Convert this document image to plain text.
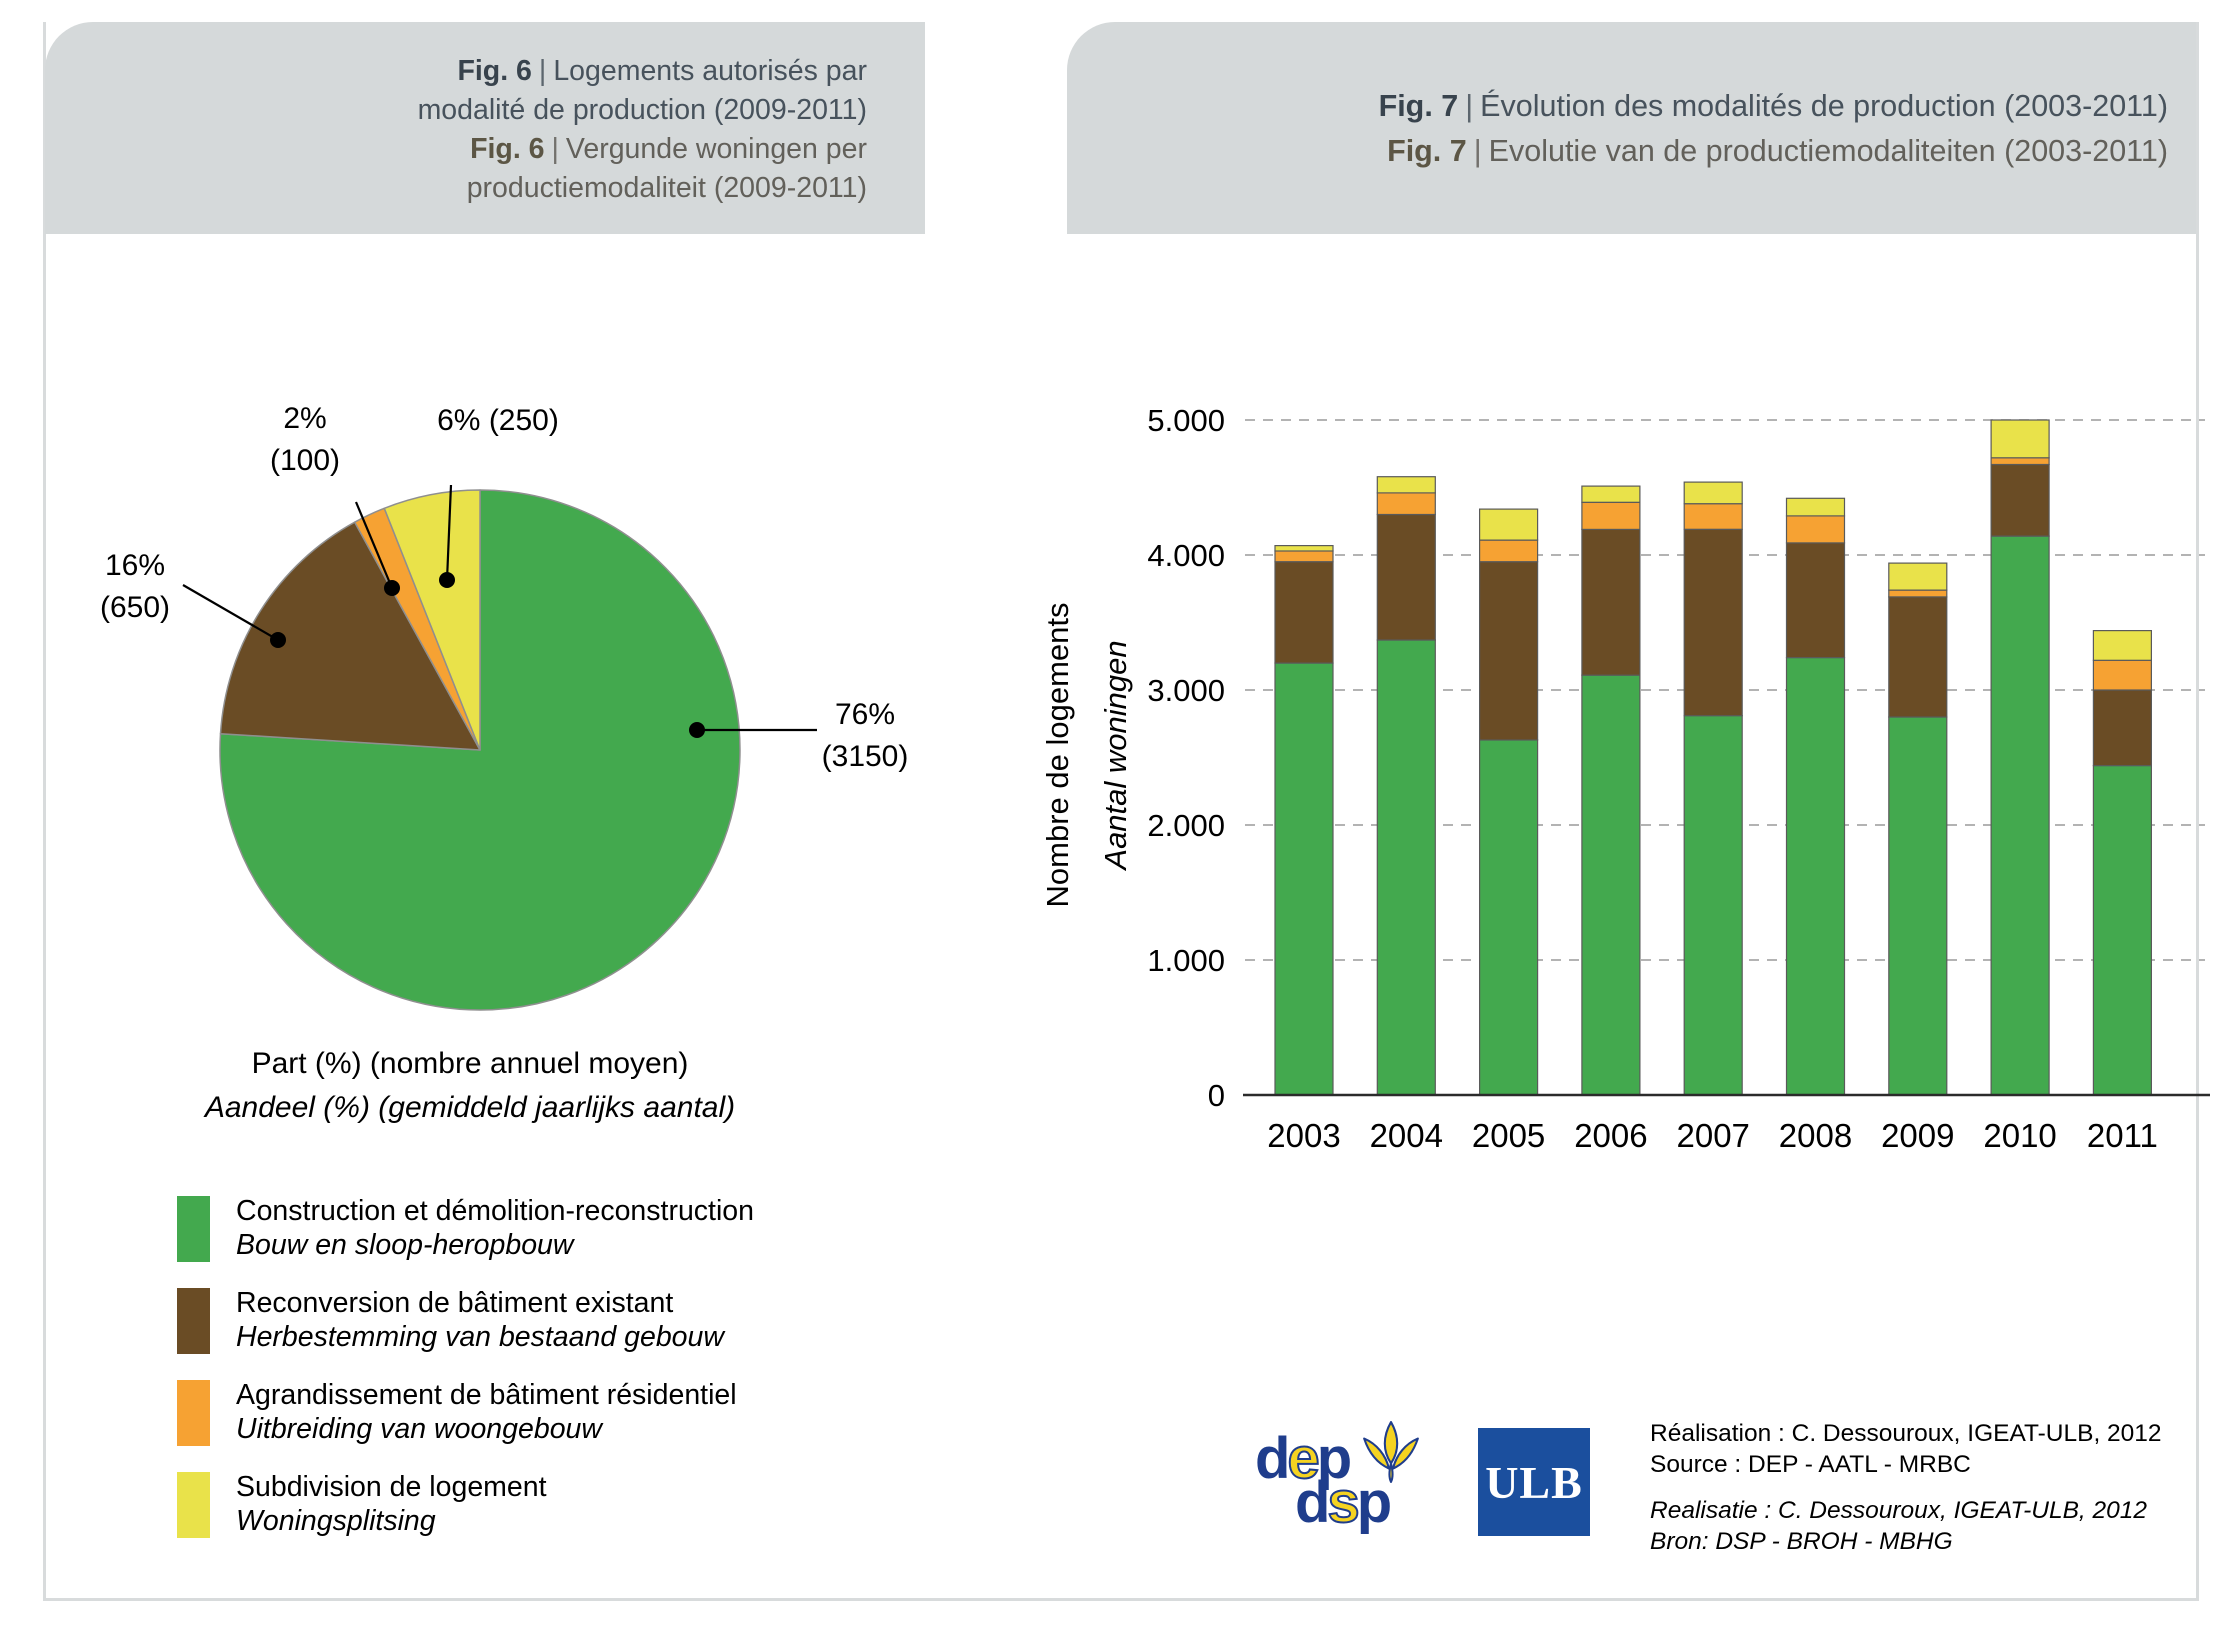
Fig. 6 | Logements autorisés par
modalité de production (2009-2011)
Fig. 6 | Vergunde woningen per
productiemodaliteit (2009-2011)
Fig. 7 | Évolution des modalités de production (2003-2011)
Fig. 7 | Evolutie van de productiemodaliteiten (2003-2011)
2%
(100)
6% (250)
16%
(650)
76%
(3150)
Part (%) (nombre annuel moyen)
Aandeel (%) (gemiddeld jaarlijks aantal)
Construction et démolition-reconstruction
Bouw en sloop-heropbouw
Reconversion de bâtiment existant
Herbestemming van bestaand gebouw
Agrandissement de bâtiment résidentiel
Uitbreiding van woongebouw
Subdivision de logement
Woningsplitsing
0
1.000
2.000
3.000
4.000
5.000
2003 2004 2005 2006 2007 2008 2009 2010 2011
Nombre de logements Aantal woningen
dep
dsp ULB
Réalisation : C. Dessouroux, IGEAT-ULB, 2012
Source : DEP - AATL - MRBC
Realisatie : C. Dessouroux, IGEAT-ULB, 2012
Bron: DSP - BROH - MBHG
